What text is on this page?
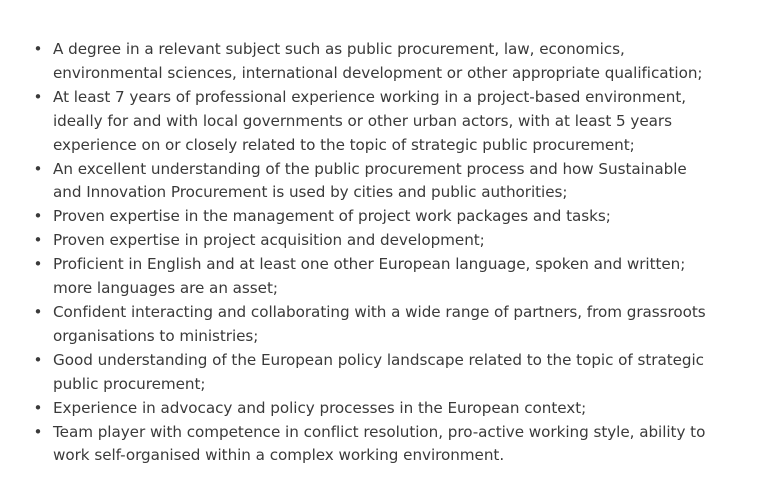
• A degree in a relevant subject such as public procurement, law, economics,
environmental sciences, international development or other appropriate qualification;
• At least 7 years of professional experience working in a project-based environment,
ideally for and with local governments or other urban actors, with at least 5 years
experience on or closely related to the topic of strategic public procurement;
• An excellent understanding of the public procurement process and how Sustainable
and Innovation Procurement is used by cities and public authorities;
• Proven expertise in the management of project work packages and tasks;
• Proven expertise in project acquisition and development;
• Proficient in English and at least one other European language, spoken and written;
more languages are an asset;
• Confident interacting and collaborating with a wide range of partners, from grassroots
organisations to ministries;
• Good understanding of the European policy landscape related to the topic of strategic
public procurement;
• Experience in advocacy and policy processes in the European context;
• Team player with competence in conflict resolution, pro-active working style, ability to
work self-organised within a complex working environment.
